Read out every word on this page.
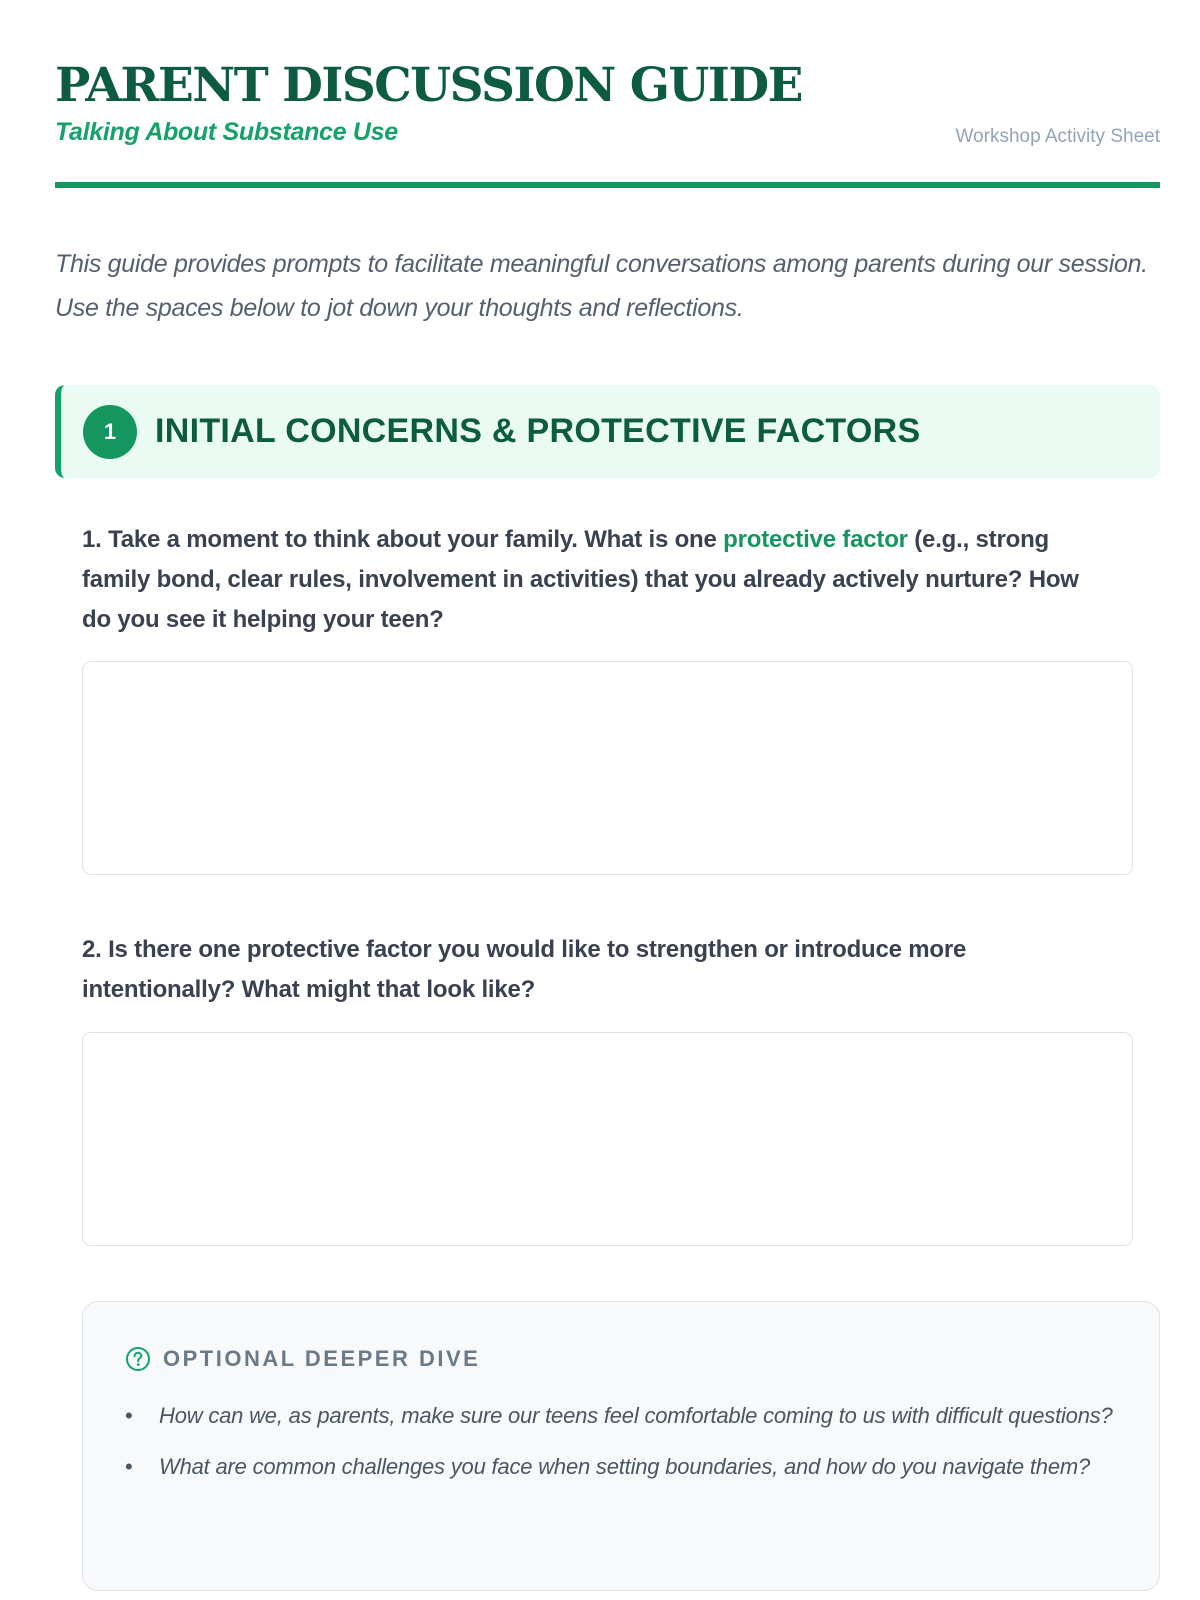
PARENT DISCUSSION GUIDE
Talking About Substance Use	Workshop Activity Sheet

This guide provides prompts to facilitate meaningful conversations among parents during our session. Use the spaces below to jot down your thoughts and reflections.

1	INITIAL CONCERNS & PROTECTIVE FACTORS

1. Take a moment to think about your family. What is one protective factor (e.g., strong family bond, clear rules, involvement in activities) that you already actively nurture? How do you see it helping your teen?

2. Is there one protective factor you would like to strengthen or introduce more intentionally? What might that look like?

OPTIONAL DEEPER DIVE
• How can we, as parents, make sure our teens feel comfortable coming to us with difficult questions?
• What are common challenges you face when setting boundaries, and how do you navigate them?
